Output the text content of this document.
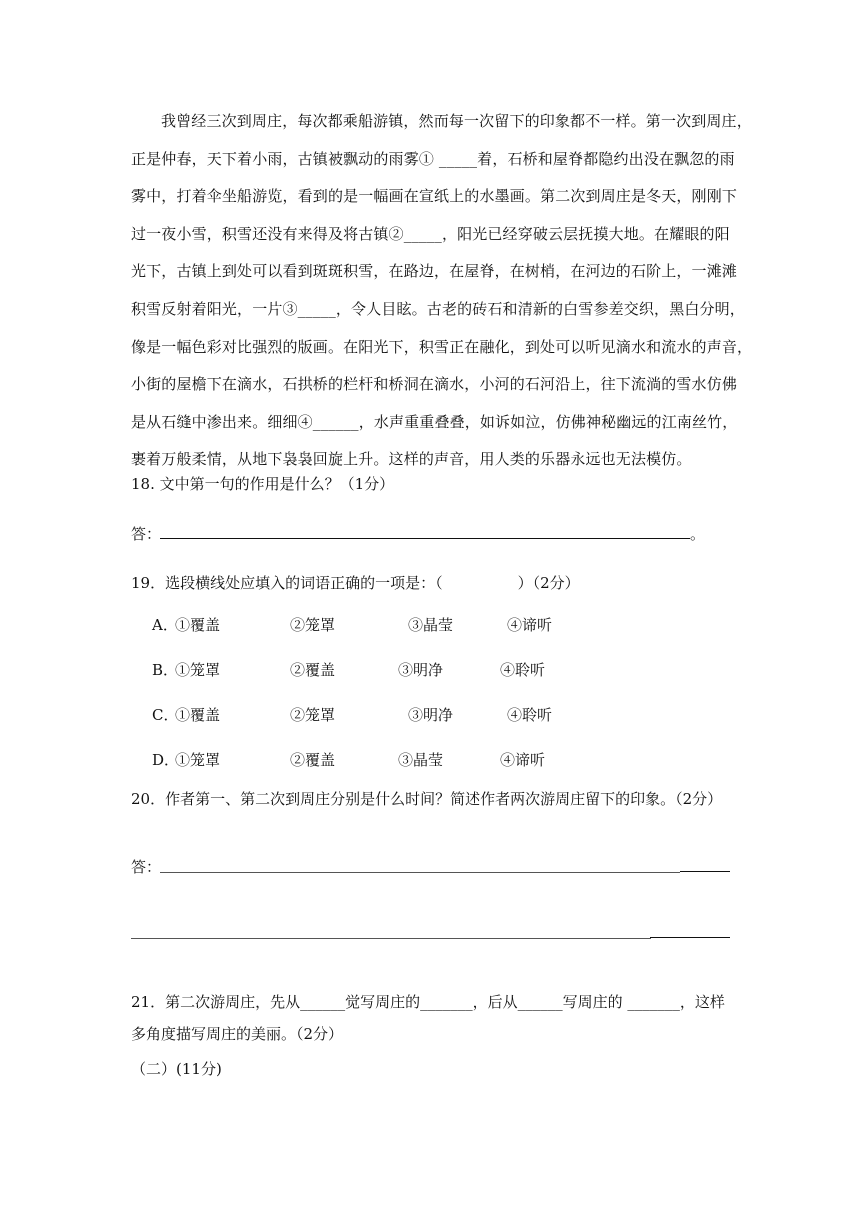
我曾经三次到周庄，每次都乘船游镇，然而每一次留下的印象都不一样。第一次到周庄，
正是仲春，天下着小雨，古镇被飘动的雨雾① _____着，石桥和屋脊都隐约出没在飘忽的雨
雾中，打着伞坐船游览，看到的是一幅画在宣纸上的水墨画。第二次到周庄是冬天，刚刚下
过一夜小雪，积雪还没有来得及将古镇②_____，阳光已经穿破云层抚摸大地。在耀眼的阳
光下，古镇上到处可以看到斑斑积雪，在路边，在屋脊，在树梢，在河边的石阶上，一滩滩
积雪反射着阳光，一片③_____，令人目眩。古老的砖石和清新的白雪参差交织，黑白分明，
像是一幅色彩对比强烈的版画。在阳光下，积雪正在融化，到处可以听见滴水和流水的声音，
小街的屋檐下在滴水，石拱桥的栏杆和桥洞在滴水，小河的石河沿上，往下流淌的雪水仿佛
是从石缝中渗出来。细细④______，水声重重叠叠，如诉如泣，仿佛神秘幽远的江南丝竹，
裹着万般柔情，从地下袅袅回旋上升。这样的声音，用人类的乐器永远也无法模仿。
18. 文中第一句的作用是什么？（1分）
答：	。
19．选段横线处应填入的词语正确的一项是：（　　　　　）（2分）
A．
①覆盖	②笼罩	③晶莹	④谛听
B．
①笼罩	②覆盖	③明净	④聆听
C．
①覆盖	②笼罩	③明净	④聆听
D．
①笼罩	②覆盖	③晶莹	④谛听
20．作者第一、第二次到周庄分别是什么时间？简述作者两次游周庄留下的印象。（2分）
答：
21．第二次游周庄，先从______觉写周庄的_______，后从______写周庄的 _______，这样
多角度描写周庄的美丽。（2分）
（二）(11分)
